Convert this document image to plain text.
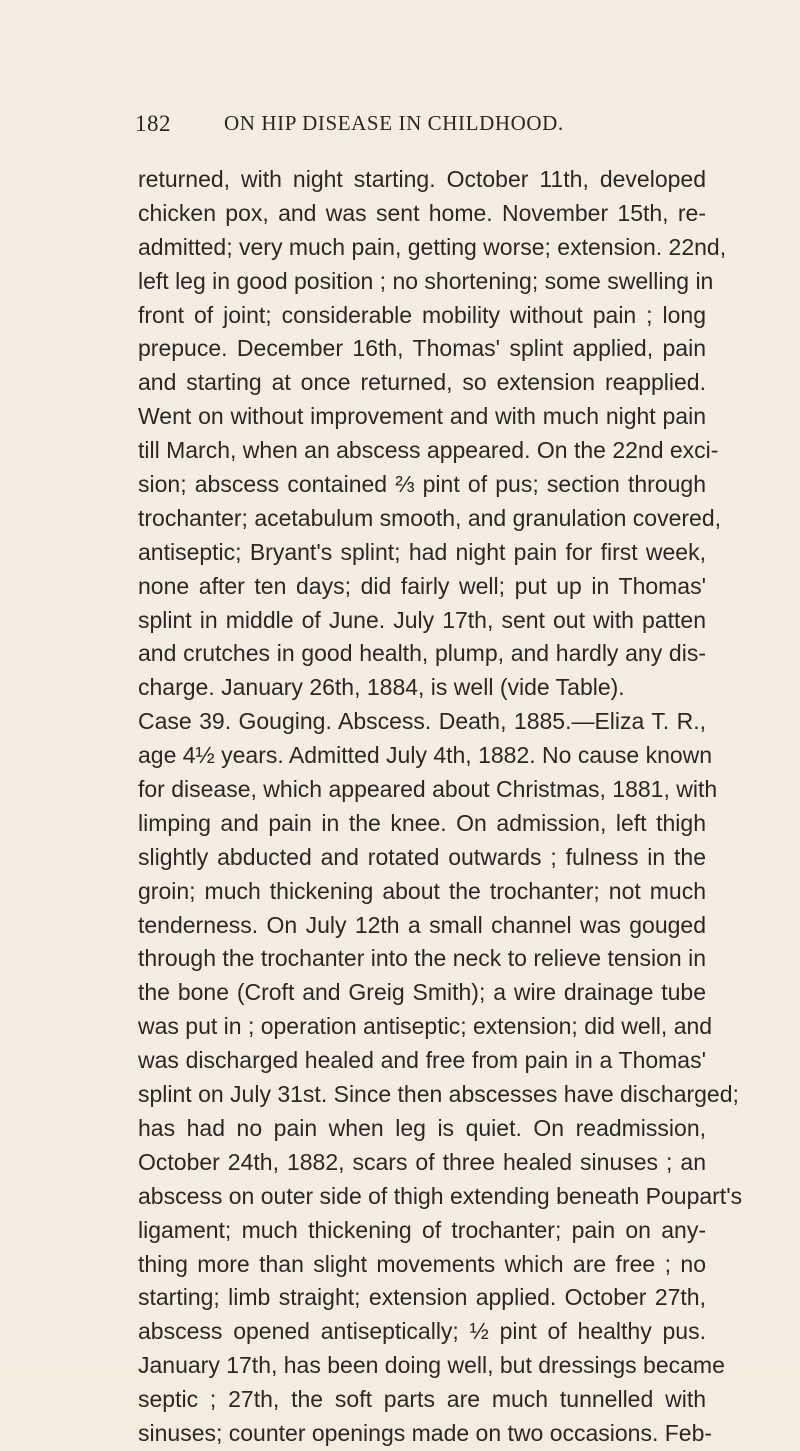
182	ON HIP DISEASE IN CHILDHOOD.
returned, with night starting. October 11th, developed
chicken pox, and was sent home. November 15th, re-
admitted; very much pain, getting worse; extension. 22nd,
left leg in good position ; no shortening; some swelling in
front of joint; considerable mobility without pain ; long
prepuce. December 16th, Thomas' splint applied, pain
and starting at once returned, so extension reapplied.
Went on without improvement and with much night pain
till March, when an abscess appeared. On the 22nd exci-
sion; abscess contained ⅔ pint of pus; section through
trochanter; acetabulum smooth, and granulation covered,
antiseptic; Bryant's splint; had night pain for first week,
none after ten days; did fairly well; put up in Thomas'
splint in middle of June. July 17th, sent out with patten
and crutches in good health, plump, and hardly any dis-
charge. January 26th, 1884, is well (vide Table).
Case 39. Gouging. Abscess. Death, 1885.—Eliza T. R.,
age 4½ years. Admitted July 4th, 1882. No cause known
for disease, which appeared about Christmas, 1881, with
limping and pain in the knee. On admission, left thigh
slightly abducted and rotated outwards ; fulness in the
groin; much thickening about the trochanter; not much
tenderness. On July 12th a small channel was gouged
through the trochanter into the neck to relieve tension in
the bone (Croft and Greig Smith); a wire drainage tube
was put in ; operation antiseptic; extension; did well, and
was discharged healed and free from pain in a Thomas'
splint on July 31st. Since then abscesses have discharged;
has had no pain when leg is quiet. On readmission,
October 24th, 1882, scars of three healed sinuses ; an
abscess on outer side of thigh extending beneath Poupart's
ligament; much thickening of trochanter; pain on any-
thing more than slight movements which are free ; no
starting; limb straight; extension applied. October 27th,
abscess opened antiseptically; ½ pint of healthy pus.
January 17th, has been doing well, but dressings became
septic ; 27th, the soft parts are much tunnelled with
sinuses; counter openings made on two occasions. Feb-
